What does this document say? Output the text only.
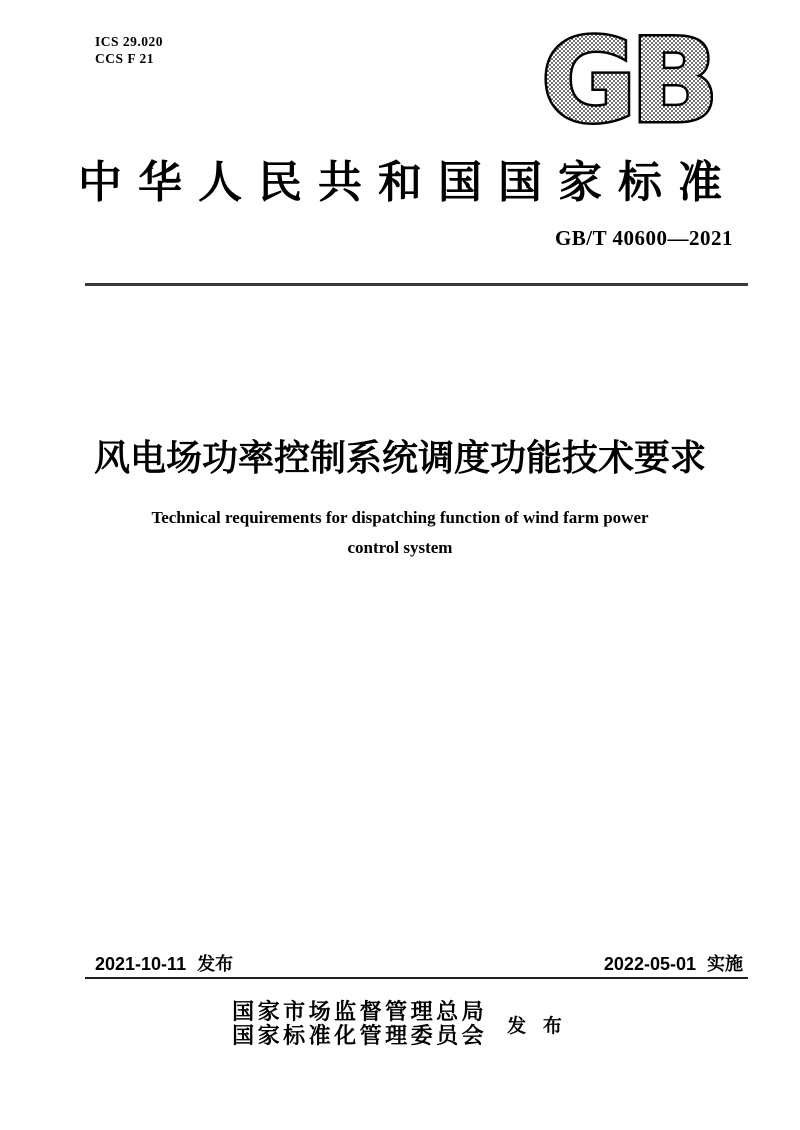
ICS 29.020
CCS F 21	GB
中华人民共和国国家标准
GB/T 40600—2021
风电场功率控制系统调度功能技术要求
Technical requirements for dispatching function of wind farm power
control system
2021-10-11 发布	2022-05-01 实施
国家市场监督管理总局
国家标准化管理委员会 发 布
